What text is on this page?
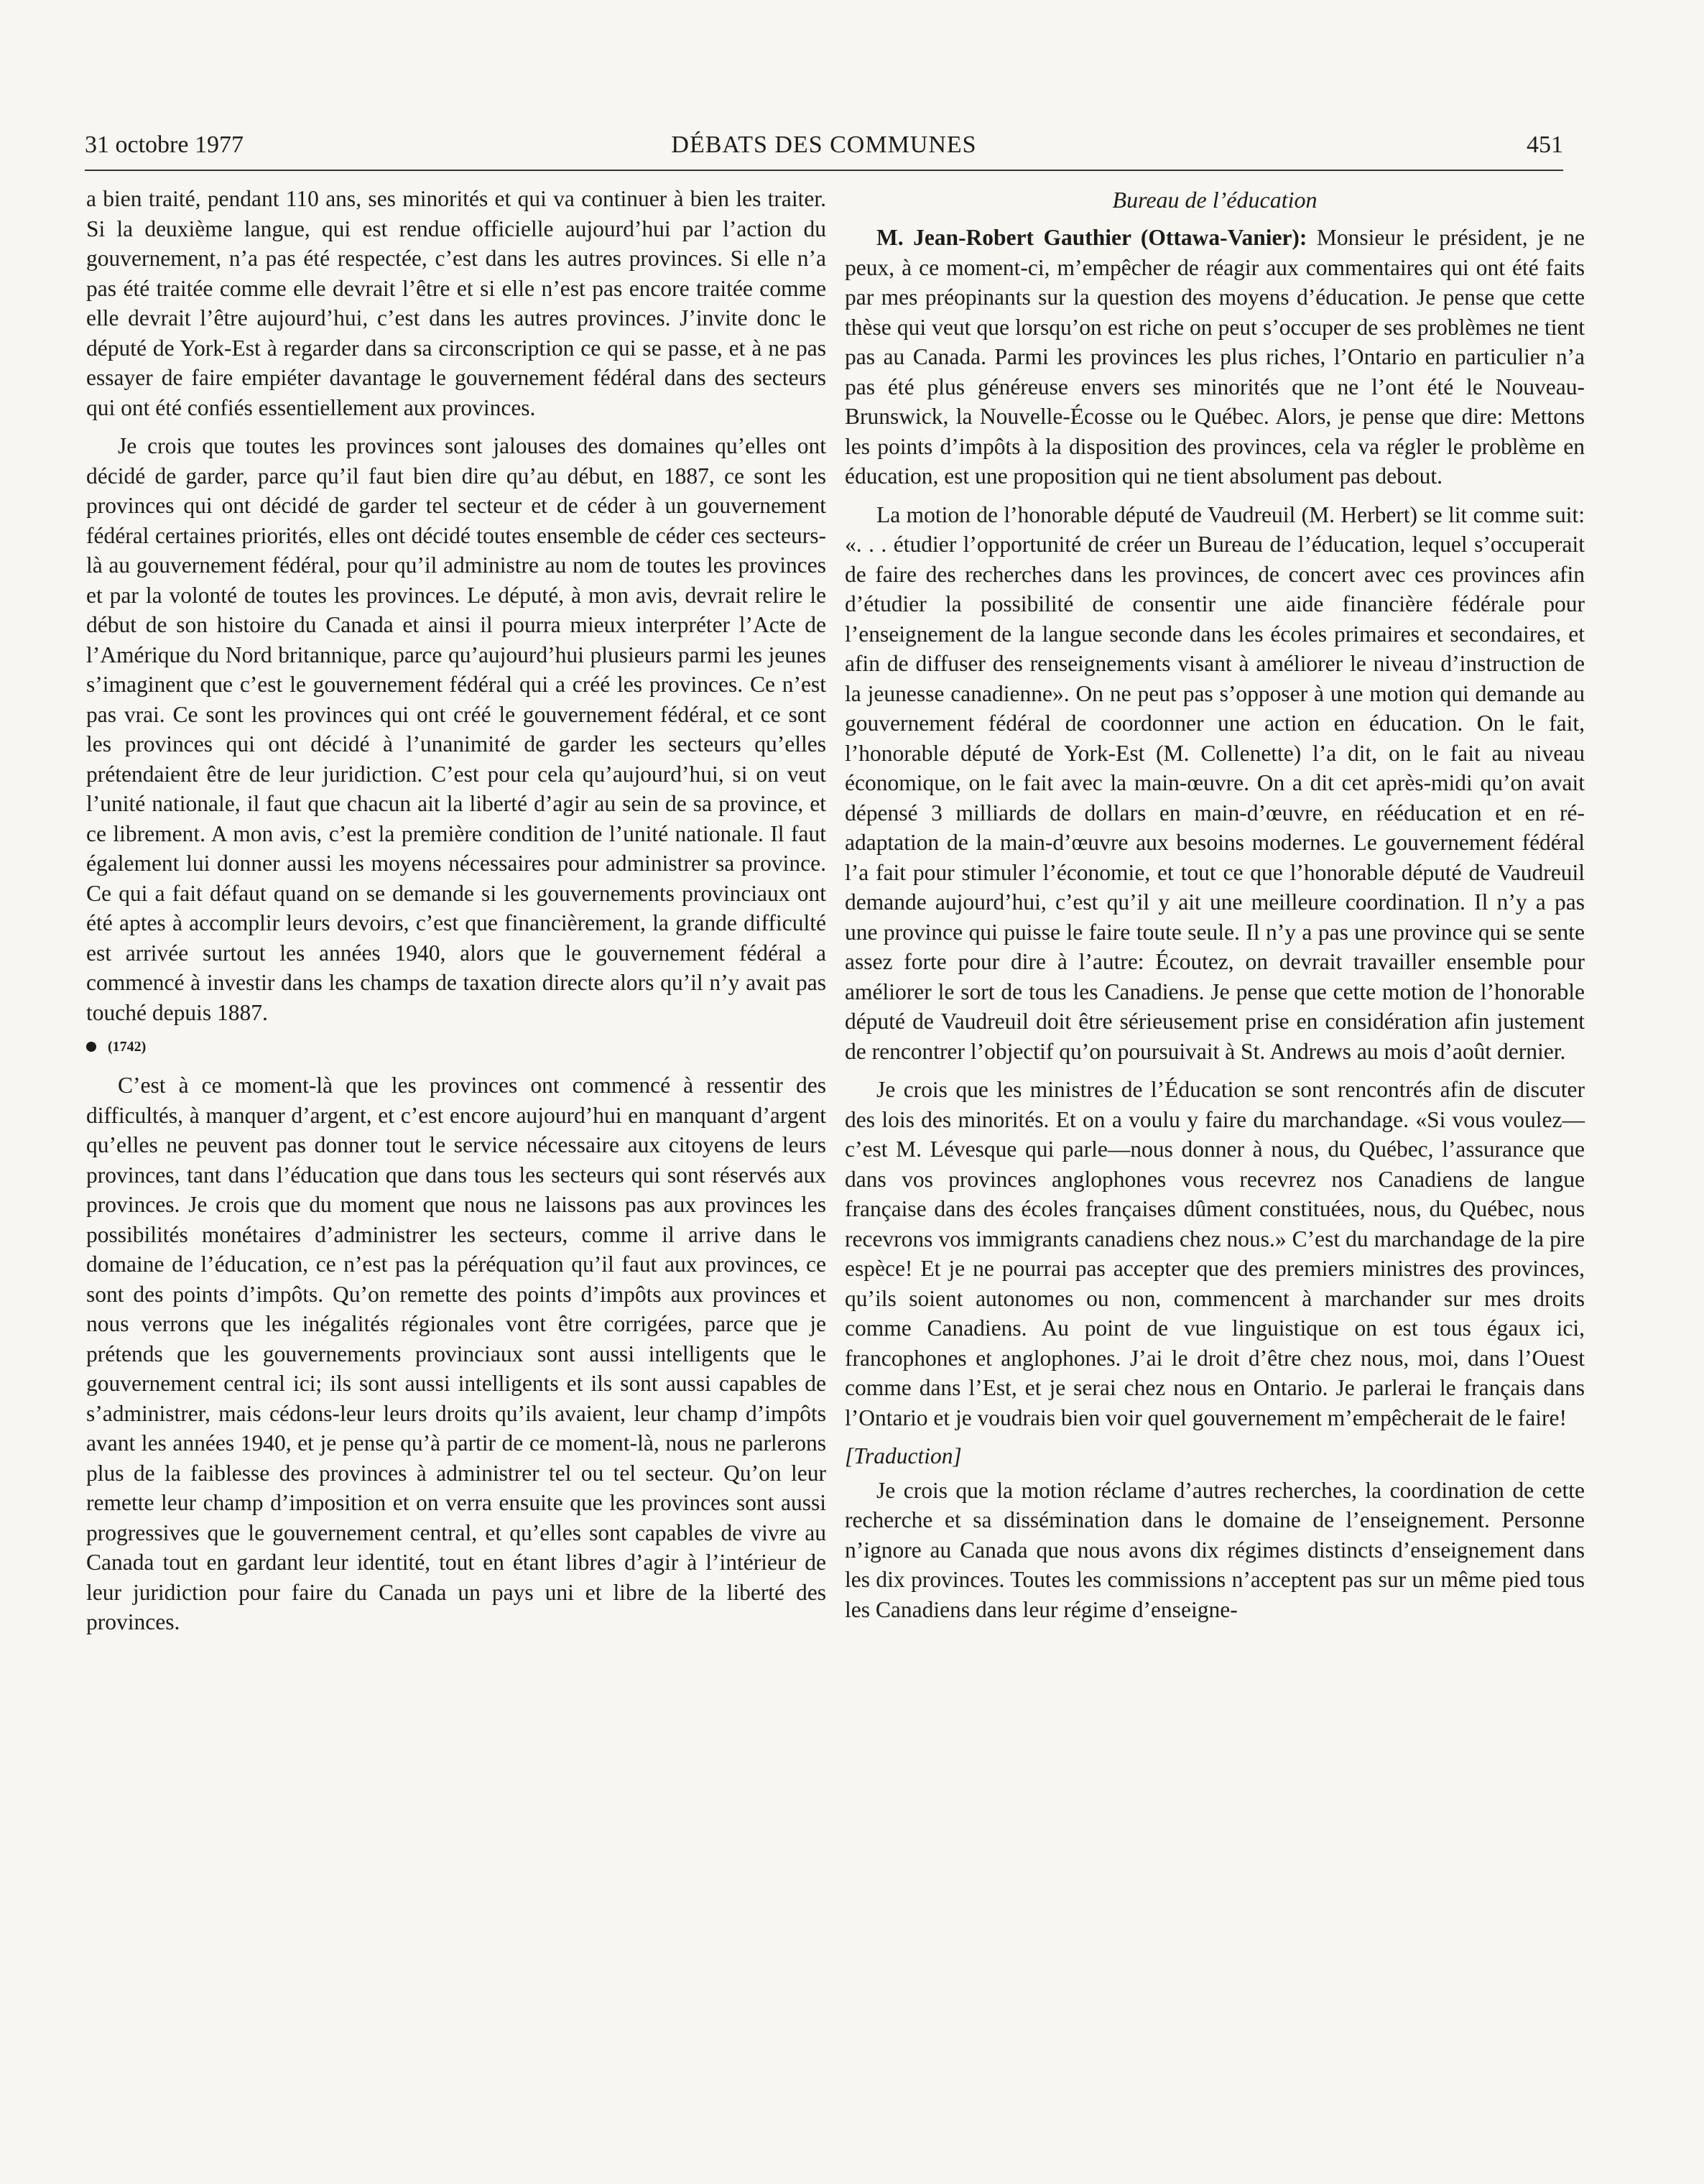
31 octobre 1977	DÉBATS DES COMMUNES	451

a bien traité, pendant 110 ans, ses minorités et qui va continuer à bien les traiter. Si la deuxième langue, qui est rendue officielle aujourd’hui par l’action du gouvernement, n’a pas été respectée, c’est dans les autres provinces. Si elle n’a pas été traitée comme elle devrait l’être et si elle n’est pas encore traitée comme elle devrait l’être aujourd’hui, c’est dans les autres provinces. J’invite donc le député de York-Est à regarder dans sa circonscription ce qui se passe, et à ne pas essayer de faire empiéter davantage le gouvernement fédéral dans des secteurs qui ont été confiés essentiellement aux provinces.

Je crois que toutes les provinces sont jalouses des domaines qu’elles ont décidé de garder, parce qu’il faut bien dire qu’au début, en 1887, ce sont les provinces qui ont décidé de garder tel secteur et de céder à un gouvernement fédéral certaines priorités, elles ont décidé toutes ensemble de céder ces secteurs-là au gouvernement fédéral, pour qu’il administre au nom de toutes les provinces et par la volonté de toutes les provinces. Le député, à mon avis, devrait relire le début de son histoire du Canada et ainsi il pourra mieux interpréter l’Acte de l’Amérique du Nord britannique, parce qu’aujourd’hui plusieurs parmi les jeunes s’imaginent que c’est le gouvernement fédéral qui a créé les provinces. Ce n’est pas vrai. Ce sont les provinces qui ont créé le gouvernement fédéral, et ce sont les provinces qui ont décidé à l’unanimité de garder les secteurs qu’elles prétendaient être de leur juridiction. C’est pour cela qu’aujourd’hui, si on veut l’unité nationale, il faut que chacun ait la liberté d’agir au sein de sa province, et ce librement. A mon avis, c’est la première condition de l’unité nationale. Il faut également lui donner aussi les moyens nécessaires pour administrer sa province. Ce qui a fait défaut quand on se demande si les gouvernements provinciaux ont été aptes à accomplir leurs devoirs, c’est que financièrement, la grande difficulté est arrivée surtout les années 1940, alors que le gouvernement fédéral a commencé à investir dans les champs de taxation directe alors qu’il n’y avait pas touché depuis 1887.

(1742)

C’est à ce moment-là que les provinces ont commencé à ressentir des difficultés, à manquer d’argent, et c’est encore aujourd’hui en manquant d’argent qu’elles ne peuvent pas donner tout le service nécessaire aux citoyens de leurs provinces, tant dans l’éducation que dans tous les secteurs qui sont réservés aux provinces. Je crois que du moment que nous ne laissons pas aux provinces les possibilités monétaires d’administrer les secteurs, comme il arrive dans le domaine de l’éducation, ce n’est pas la péréquation qu’il faut aux provinces, ce sont des points d’impôts. Qu’on remette des points d’impôts aux provinces et nous verrons que les inégalités régionales vont être corrigées, parce que je prétends que les gouvernements provinciaux sont aussi intelligents que le gouvernement central ici; ils sont aussi intelligents et ils sont aussi capables de s’administrer, mais cédons-leur leurs droits qu’ils avaient, leur champ d’impôts avant les années 1940, et je pense qu’à partir de ce moment-là, nous ne parlerons plus de la faiblesse des provinces à administrer tel ou tel secteur. Qu’on leur remette leur champ d’imposition et on verra ensuite que les provinces sont aussi progressives que le gouvernement central, et qu’elles sont capables de vivre au Canada tout en gardant leur identité, tout en étant libres d’agir à l’intérieur de leur juridiction pour faire du Canada un pays uni et libre de la liberté des provinces.

Bureau de l’éducation

M. Jean-Robert Gauthier (Ottawa-Vanier): Monsieur le président, je ne peux, à ce moment-ci, m’empêcher de réagir aux commentaires qui ont été faits par mes préopinants sur la question des moyens d’éducation. Je pense que cette thèse qui veut que lorsqu’on est riche on peut s’occuper de ses problèmes ne tient pas au Canada. Parmi les provinces les plus riches, l’Ontario en particulier n’a pas été plus généreuse envers ses minorités que ne l’ont été le Nouveau-Brunswick, la Nouvelle-Écosse ou le Québec. Alors, je pense que dire: Mettons les points d’impôts à la disposition des provinces, cela va régler le problème en éducation, est une proposition qui ne tient absolument pas debout.

La motion de l’honorable député de Vaudreuil (M. Herbert) se lit comme suit: «. . . étudier l’opportunité de créer un Bureau de l’éducation, lequel s’occuperait de faire des recherches dans les provinces, de concert avec ces provinces afin d’étudier la possibilité de consentir une aide financière fédérale pour l’enseignement de la langue seconde dans les écoles primaires et secondaires, et afin de diffuser des renseignements visant à améliorer le niveau d’instruction de la jeunesse canadienne». On ne peut pas s’opposer à une motion qui demande au gouvernement fédéral de coordonner une action en éducation. On le fait, l’honorable député de York-Est (M. Collenette) l’a dit, on le fait au niveau économique, on le fait avec la main-œuvre. On a dit cet après-midi qu’on avait dépensé 3 milliards de dollars en main-d’œuvre, en rééducation et en ré-adaptation de la main-d’œuvre aux besoins modernes. Le gouvernement fédéral l’a fait pour stimuler l’économie, et tout ce que l’honorable député de Vaudreuil demande aujourd’hui, c’est qu’il y ait une meilleure coordination. Il n’y a pas une province qui puisse le faire toute seule. Il n’y a pas une province qui se sente assez forte pour dire à l’autre: Écoutez, on devrait travailler ensemble pour améliorer le sort de tous les Canadiens. Je pense que cette motion de l’honorable député de Vaudreuil doit être sérieusement prise en considération afin justement de rencontrer l’objectif qu’on poursuivait à St. Andrews au mois d’août dernier.

Je crois que les ministres de l’Éducation se sont rencontrés afin de discuter des lois des minorités. Et on a voulu y faire du marchandage. «Si vous voulez—c’est M. Lévesque qui parle—nous donner à nous, du Québec, l’assurance que dans vos provinces anglophones vous recevrez nos Canadiens de langue française dans des écoles françaises dûment constituées, nous, du Québec, nous recevrons vos immigrants canadiens chez nous.» C’est du marchandage de la pire espèce! Et je ne pourrai pas accepter que des premiers ministres des provinces, qu’ils soient autonomes ou non, commencent à marchander sur mes droits comme Canadiens. Au point de vue linguistique on est tous égaux ici, francophones et anglophones. J’ai le droit d’être chez nous, moi, dans l’Ouest comme dans l’Est, et je serai chez nous en Ontario. Je parlerai le français dans l’Ontario et je voudrais bien voir quel gouvernement m’empêcherait de le faire!

[Traduction]

Je crois que la motion réclame d’autres recherches, la coordination de cette recherche et sa dissémination dans le domaine de l’enseignement. Personne n’ignore au Canada que nous avons dix régimes distincts d’enseignement dans les dix provinces. Toutes les commissions n’acceptent pas sur un même pied tous les Canadiens dans leur régime d’enseigne-
